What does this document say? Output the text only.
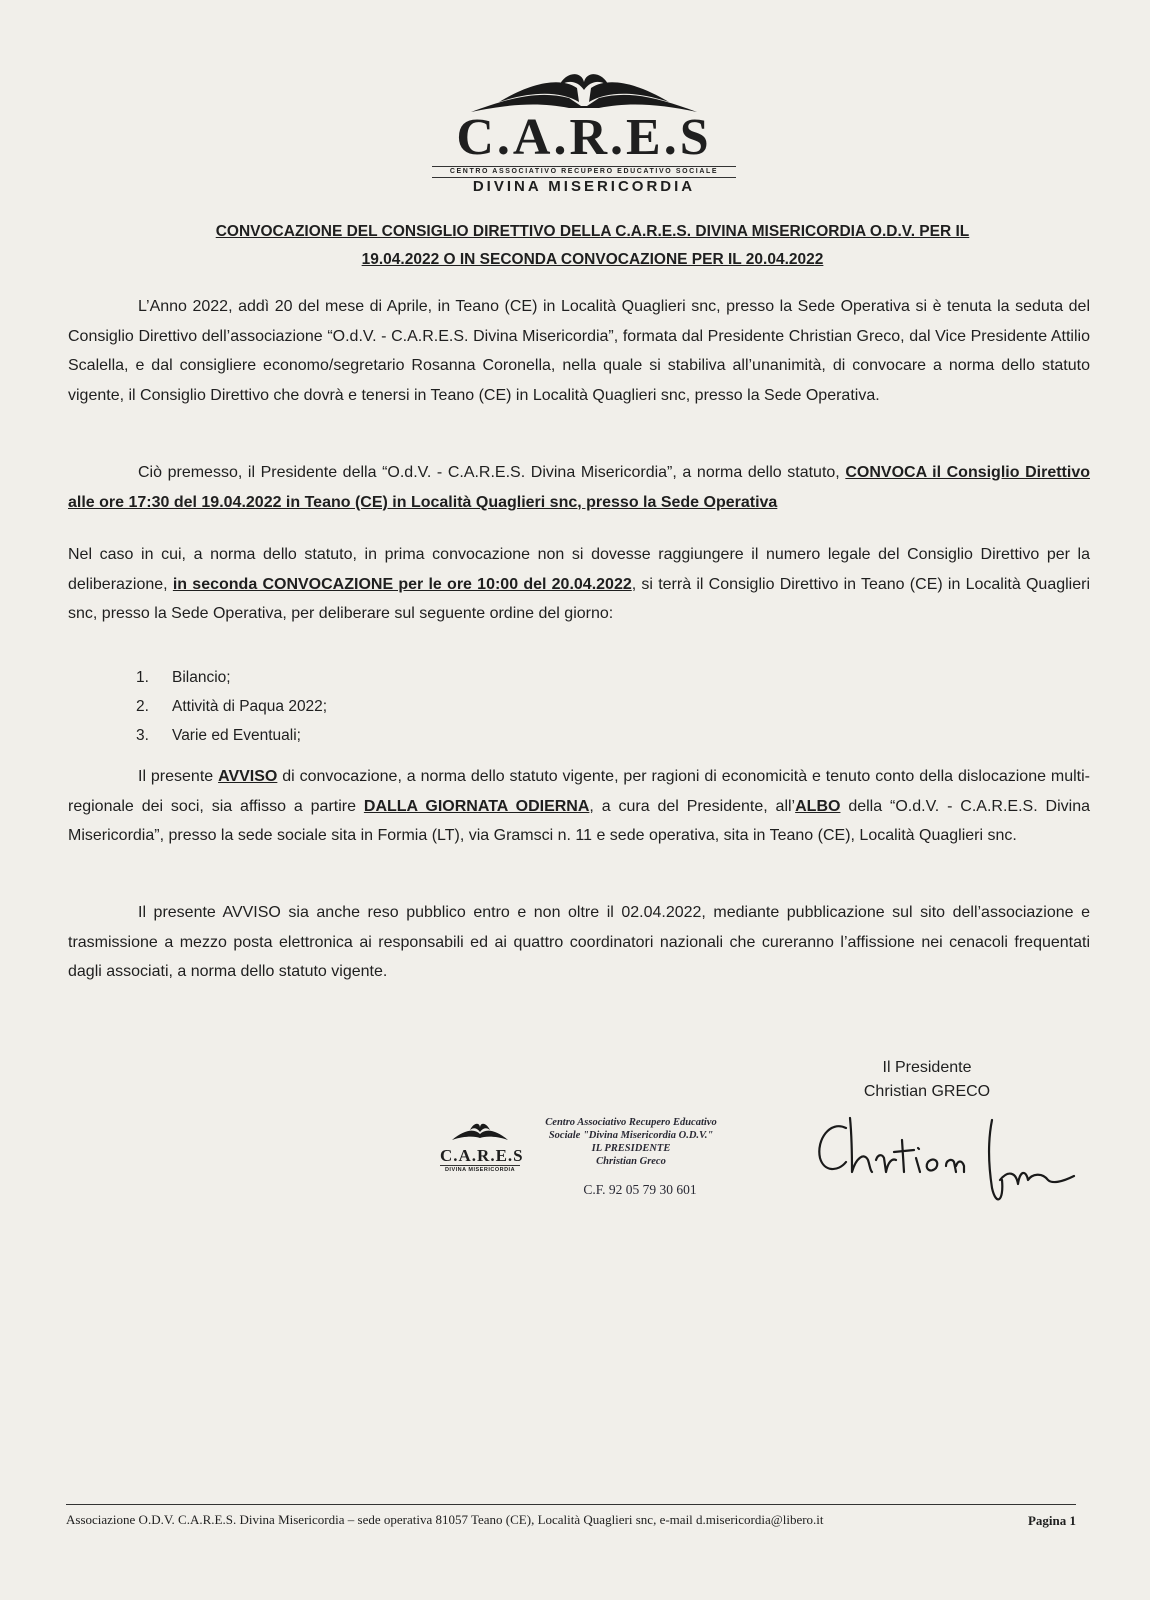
C.A.R.E.S
CENTRO ASSOCIATIVO RECUPERO EDUCATIVO SOCIALE
DIVINA MISERICORDIA
CONVOCAZIONE DEL CONSIGLIO DIRETTIVO DELLA C.A.R.E.S. DIVINA MISERICORDIA O.D.V. PER IL
19.04.2022 O IN SECONDA CONVOCAZIONE PER IL 20.04.2022
L’Anno 2022, addì 20 del mese di Aprile, in Teano (CE) in Località Quaglieri snc, presso la Sede Operativa si è tenuta la seduta del Consiglio Direttivo dell’associazione “O.d.V. - C.A.R.E.S. Divina Misericordia”, formata dal Presidente Christian Greco, dal Vice Presidente Attilio Scalella, e dal consigliere economo/segretario Rosanna Coronella, nella quale si stabiliva all’unanimità, di convocare a norma dello statuto vigente, il Consiglio Direttivo che dovrà e tenersi in Teano (CE) in Località Quaglieri snc, presso la Sede Operativa.
Ciò premesso, il Presidente della “O.d.V. - C.A.R.E.S. Divina Misericordia”, a norma dello statuto, CONVOCA il Consiglio Direttivo alle ore 17:30 del 19.04.2022 in Teano (CE) in Località Quaglieri snc, presso la Sede Operativa
Nel caso in cui, a norma dello statuto, in prima convocazione non si dovesse raggiungere il numero legale del Consiglio Direttivo per la deliberazione, in seconda CONVOCAZIONE per le ore 10:00 del 20.04.2022, si terrà il Consiglio Direttivo in Teano (CE) in Località Quaglieri snc, presso la Sede Operativa, per deliberare sul seguente ordine del giorno:
1. Bilancio;
2. Attività di Paqua 2022;
3. Varie ed Eventuali;
Il presente AVVISO di convocazione, a norma dello statuto vigente, per ragioni di economicità e tenuto conto della dislocazione multi-regionale dei soci, sia affisso a partire DALLA GIORNATA ODIERNA, a cura del Presidente, all’ALBO della “O.d.V. - C.A.R.E.S. Divina Misericordia”, presso la sede sociale sita in Formia (LT), via Gramsci n. 11 e sede operativa, sita in Teano (CE), Località Quaglieri snc.
Il presente AVVISO sia anche reso pubblico entro e non oltre il 02.04.2022, mediante pubblicazione sul sito dell’associazione e trasmissione a mezzo posta elettronica ai responsabili ed ai quattro coordinatori nazionali che cureranno l’affissione nei cenacoli frequentati dagli associati, a norma dello statuto vigente.
Il Presidente
Christian GRECO
C.A.R.E.S
DIVINA MISERICORDIA
Centro Associativo Recupero Educativo
Sociale "Divina Misericordia O.D.V."
IL PRESIDENTE
Christian Greco
C.F. 92 05 79 30 601
Associazione O.D.V. C.A.R.E.S. Divina Misericordia – sede operativa 81057 Teano (CE), Località Quaglieri snc, e-mail d.misericordia@libero.it	Pagina 1
